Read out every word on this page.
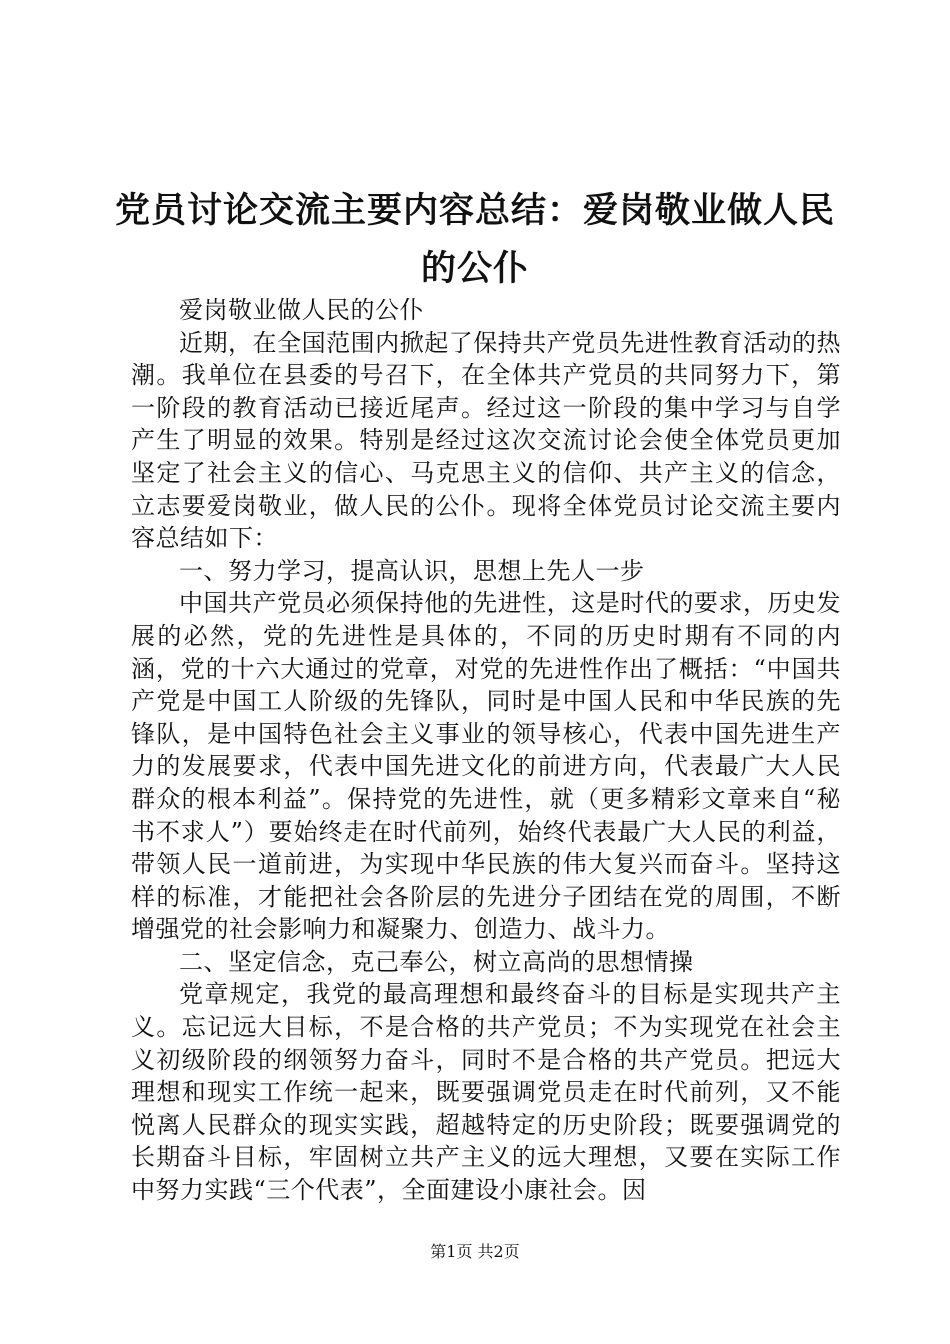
党员讨论交流主要内容总结：爱岗敬业做人民的公仆

爱岗敬业做人民的公仆

近期，在全国范围内掀起了保持共产党员先进性教育活动的热潮。我单位在县委的号召下，在全体共产党员的共同努力下，第一阶段的教育活动已接近尾声。经过这一阶段的集中学习与自学产生了明显的效果。特别是经过这次交流讨论会使全体党员更加坚定了社会主义的信心、马克思主义的信仰、共产主义的信念，立志要爱岗敬业，做人民的公仆。现将全体党员讨论交流主要内容总结如下：

一、努力学习，提高认识，思想上先人一步

中国共产党员必须保持他的先进性，这是时代的要求，历史发展的必然，党的先进性是具体的，不同的历史时期有不同的内涵，党的十六大通过的党章，对党的先进性作出了概括：“中国共产党是中国工人阶级的先锋队，同时是中国人民和中华民族的先锋队，是中国特色社会主义事业的领导核心，代表中国先进生产力的发展要求，代表中国先进文化的前进方向，代表最广大人民群众的根本利益”。保持党的先进性，就（更多精彩文章来自“秘书不求人”）要始终走在时代前列，始终代表最广大人民的利益，带领人民一道前进，为实现中华民族的伟大复兴而奋斗。坚持这样的标准，才能把社会各阶层的先进分子团结在党的周围，不断增强党的社会影响力和凝聚力、创造力、战斗力。

二、坚定信念，克己奉公，树立高尚的思想情操

党章规定，我党的最高理想和最终奋斗的目标是实现共产主义。忘记远大目标，不是合格的共产党员；不为实现党在社会主义初级阶段的纲领努力奋斗，同时不是合格的共产党员。把远大理想和现实工作统一起来，既要强调党员走在时代前列，又不能悦离人民群众的现实实践，超越特定的历史阶段；既要强调党的长期奋斗目标，牢固树立共产主义的远大理想，又要在实际工作中努力实践“三个代表”，全面建设小康社会。因

第1页 共2页
